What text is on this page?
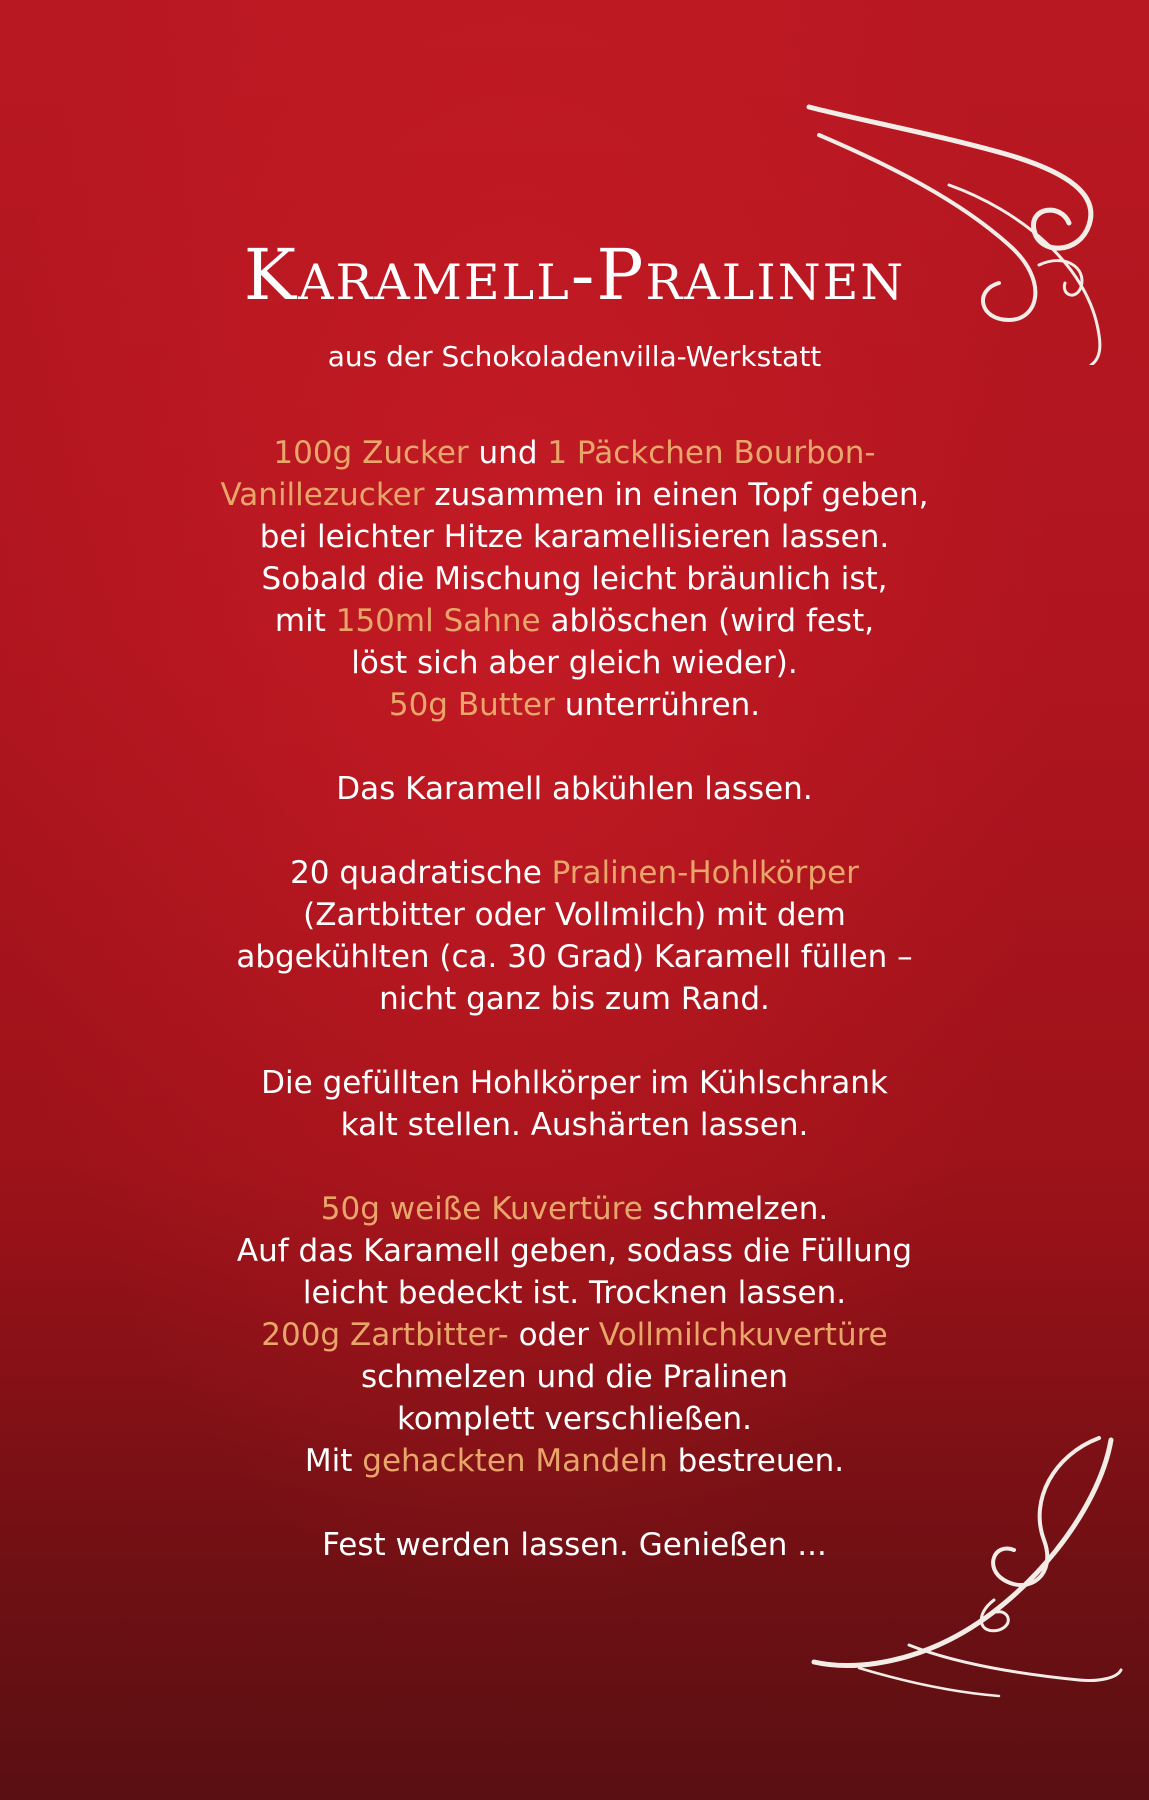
Karamell-Pralinen

aus der Schokoladenvilla-Werkstatt

100g Zucker und 1 Päckchen Bourbon-
Vanillezucker zusammen in einen Topf geben,
bei leichter Hitze karamellisieren lassen.
Sobald die Mischung leicht bräunlich ist,
mit 150ml Sahne ablöschen (wird fest,
löst sich aber gleich wieder).
50g Butter unterrühren.
Das Karamell abkühlen lassen.
20 quadratische Pralinen-Hohlkörper
(Zartbitter oder Vollmilch) mit dem
abgekühlten (ca. 30 Grad) Karamell füllen –
nicht ganz bis zum Rand.
Die gefüllten Hohlkörper im Kühlschrank
kalt stellen. Aushärten lassen.
50g weiße Kuvertüre schmelzen.
Auf das Karamell geben, sodass die Füllung
leicht bedeckt ist. Trocknen lassen.
200g Zartbitter- oder Vollmilchkuvertüre
schmelzen und die Pralinen
komplett verschließen.
Mit gehackten Mandeln bestreuen.
Fest werden lassen. Genießen ...
